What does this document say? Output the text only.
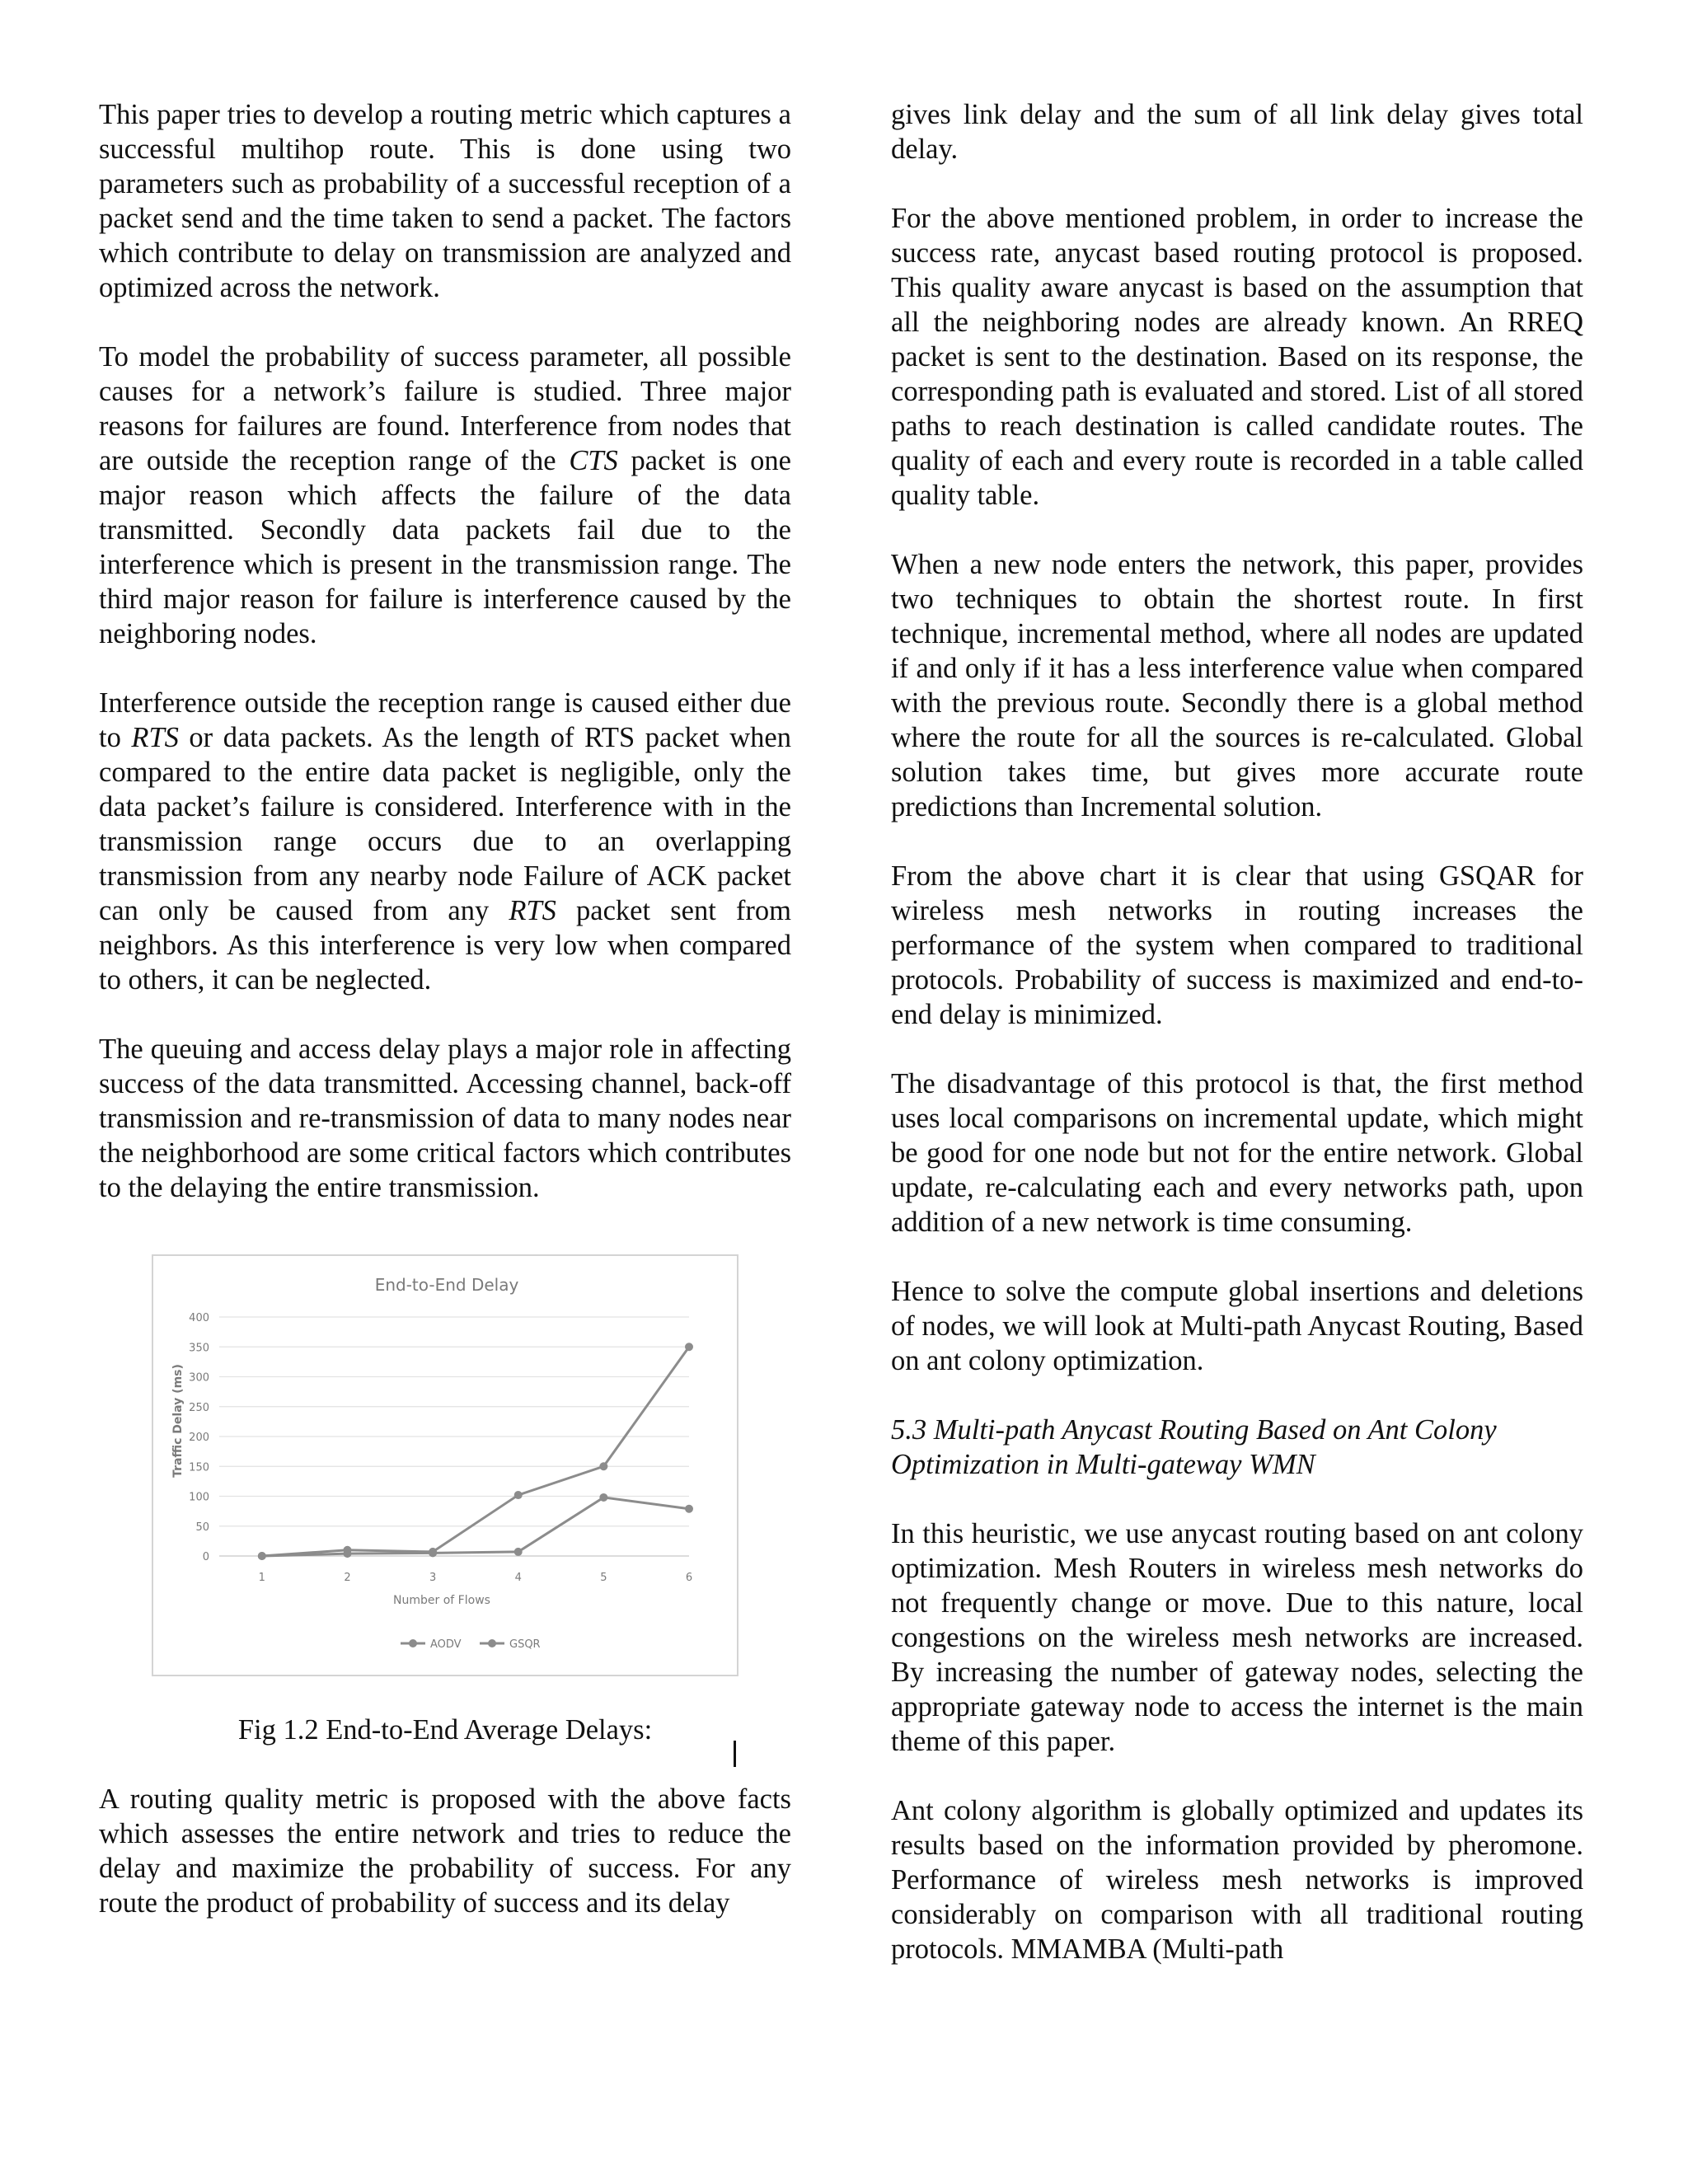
This paper tries to develop a routing metric which captures a successful multihop route. This is done using two parameters such as probability of a successful reception of a packet send and the time taken to send a packet. The factors which contribute to delay on transmission are analyzed and optimized across the network.

To model the probability of success parameter, all possible causes for a network’s failure is studied. Three major reasons for failures are found. Interference from nodes that are outside the reception range of the CTS packet is one major reason which affects the failure of the data transmitted. Secondly data packets fail due to the interference which is present in the transmission range. The third major reason for failure is interference caused by the neighboring nodes.

Interference outside the reception range is caused either due to RTS or data packets. As the length of RTS packet when compared to the entire data packet is negligible, only the data packet’s failure is considered. Interference with in the transmission range occurs due to an overlapping transmission from any nearby node Failure of ACK packet can only be caused from any RTS packet sent from neighbors. As this interference is very low when compared to others, it can be neglected.

The queuing and access delay plays a major role in affecting success of the data transmitted. Accessing channel, back-off transmission and re-transmission of data to many nodes near the neighborhood are some critical factors which contributes to the delaying the entire transmission.

End-to-End Delay
Traffic Delay (ms)
Number of Flows
0
50
100
150
200
250
300
350
400
1	2	3	4	5	6
AODV	GSQR
Fig 1.2 End-to-End Average Delays:

A routing quality metric is proposed with the above facts which assesses the entire network and tries to reduce the delay and maximize the probability of success. For any route the product of probability of success and its delay

gives link delay and the sum of all link delay gives total delay.

For the above mentioned problem, in order to increase the success rate, anycast based routing protocol is proposed. This quality aware anycast is based on the assumption that all the neighboring nodes are already known. An RREQ packet is sent to the destination. Based on its response, the corresponding path is evaluated and stored. List of all stored paths to reach destination is called candidate routes. The quality of each and every route is recorded in a table called quality table.

When a new node enters the network, this paper, provides two techniques to obtain the shortest route. In first technique, incremental method, where all nodes are updated if and only if it has a less interference value when compared with the previous route. Secondly there is a global method where the route for all the sources is re-calculated. Global solution takes time, but gives more accurate route predictions than Incremental solution.

From the above chart it is clear that using GSQAR for wireless mesh networks in routing increases the performance of the system when compared to traditional protocols. Probability of success is maximized and end-to-end delay is minimized.

The disadvantage of this protocol is that, the first method uses local comparisons on incremental update, which might be good for one node but not for the entire network. Global update, re-calculating each and every networks path, upon addition of a new network is time consuming.

Hence to solve the compute global insertions and deletions of nodes, we will look at Multi-path Anycast Routing, Based on ant colony optimization.

5.3 Multi-path Anycast Routing Based on Ant Colony Optimization in Multi-gateway WMN

In this heuristic, we use anycast routing based on ant colony optimization. Mesh Routers in wireless mesh networks do not frequently change or move. Due to this nature, local congestions on the wireless mesh networks are increased. By increasing the number of gateway nodes, selecting the appropriate gateway node to access the internet is the main theme of this paper.

Ant colony algorithm is globally optimized and updates its results based on the information provided by pheromone. Performance of wireless mesh networks is improved considerably on comparison with all traditional routing protocols. MMAMBA (Multi-path
